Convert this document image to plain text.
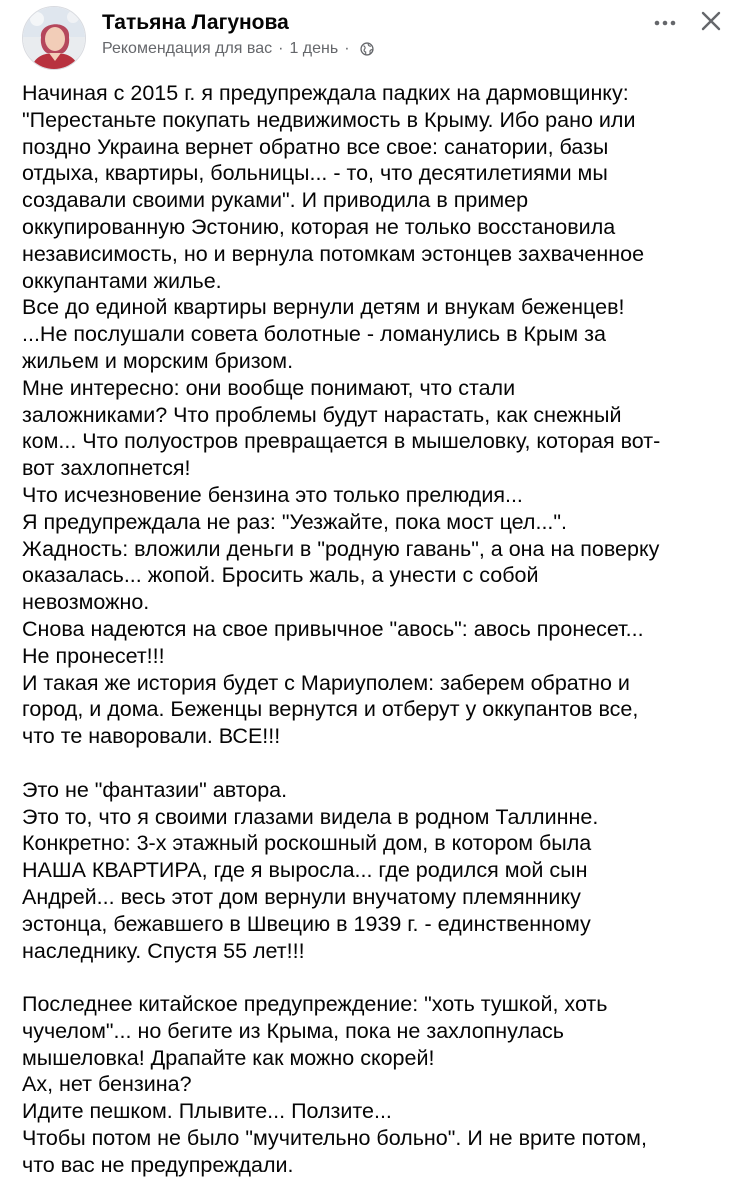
Татьяна Лагунова
Рекомендация для вас · 1 день ·
Начиная с 2015 г. я предупреждала падких на дармовщинку:
"Перестаньте покупать недвижимость в Крыму. Ибо рано или
поздно Украина вернет обратно все свое: санатории, базы
отдыха, квартиры, больницы... - то, что десятилетиями мы
создавали своими руками". И приводила в пример
оккупированную Эстонию, которая не только восстановила
независимость, но и вернула потомкам эстонцев захваченное
оккупантами жилье.
Все до единой квартиры вернули детям и внукам беженцев!
...Не послушали совета болотные - ломанулись в Крым за
жильем и морским бризом.
Мне интересно: они вообще понимают, что стали
заложниками? Что проблемы будут нарастать, как снежный
ком... Что полуостров превращается в мышеловку, которая вот-
вот захлопнется!
Что исчезновение бензина это только прелюдия...
Я предупреждала не раз: "Уезжайте, пока мост цел...".
Жадность: вложили деньги в "родную гавань", а она на поверку
оказалась... жопой. Бросить жаль, а унести с собой
невозможно.
Снова надеются на свое привычное "авось": авось пронесет...
Не пронесет!!!
И такая же история будет с Мариуполем: заберем обратно и
город, и дома. Беженцы вернутся и отберут у оккупантов все,
что те наворовали. ВСЕ!!!
Это не "фантазии" автора.
Это то, что я своими глазами видела в родном Таллинне.
Конкретно: 3-х этажный роскошный дом, в котором была
НАША КВАРТИРА, где я выросла... где родился мой сын
Андрей... весь этот дом вернули внучатому племяннику
эстонца, бежавшего в Швецию в 1939 г. - единственному
наследнику. Спустя 55 лет!!!
Последнее китайское предупреждение: "хоть тушкой, хоть
чучелом"... но бегите из Крыма, пока не захлопнулась
мышеловка! Драпайте как можно скорей!
Ах, нет бензина?
Идите пешком. Плывите... Ползите...
Чтобы потом не было "мучительно больно". И не врите потом,
что вас не предупреждали.
